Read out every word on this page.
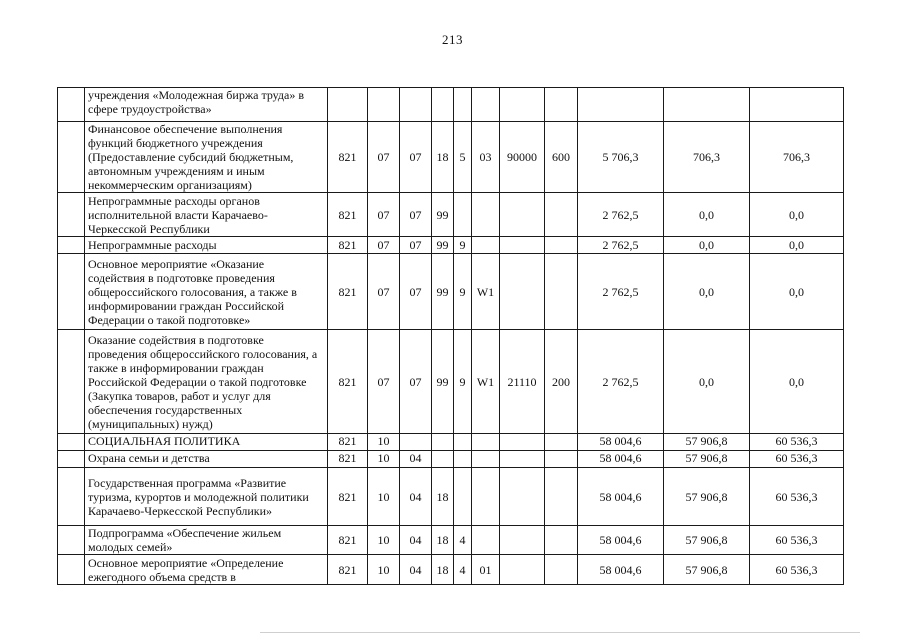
213
	учреждения «Молодежная биржа труда» в сфере трудоустройства»											
	Финансовое обеспечение выполнения функций бюджетного учреждения (Предоставление субсидий бюджетным, автономным учреждениям и иным некоммерческим организациям)	821	07	07	18	5	03	90000	600	5 706,3	706,3	706,3
	Непрограммные расходы органов исполнительной власти Карачаево-Черкесской Республики	821	07	07	99					2 762,5	0,0	0,0
	Непрограммные расходы	821	07	07	99	9				2 762,5	0,0	0,0
	Основное мероприятие «Оказание содействия в подготовке проведения общероссийского голосования, а также в информировании граждан Российской Федерации о такой подготовке»	821	07	07	99	9	W1			2 762,5	0,0	0,0
	Оказание содействия в подготовке проведения общероссийского голосования, а также в информировании граждан Российской Федерации о такой подготовке (Закупка товаров, работ и услуг для обеспечения государственных (муниципальных) нужд)	821	07	07	99	9	W1	21110	200	2 762,5	0,0	0,0
	СОЦИАЛЬНАЯ ПОЛИТИКА	821	10							58 004,6	57 906,8	60 536,3
	Охрана семьи и детства	821	10	04						58 004,6	57 906,8	60 536,3
	Государственная программа «Развитие туризма, курортов и молодежной политики Карачаево-Черкесской Республики»	821	10	04	18					58 004,6	57 906,8	60 536,3
	Подпрограмма «Обеспечение жильем молодых семей»	821	10	04	18	4				58 004,6	57 906,8	60 536,3
	Основное мероприятие «Определение ежегодного объема средств в	821	10	04	18	4	01			58 004,6	57 906,8	60 536,3
